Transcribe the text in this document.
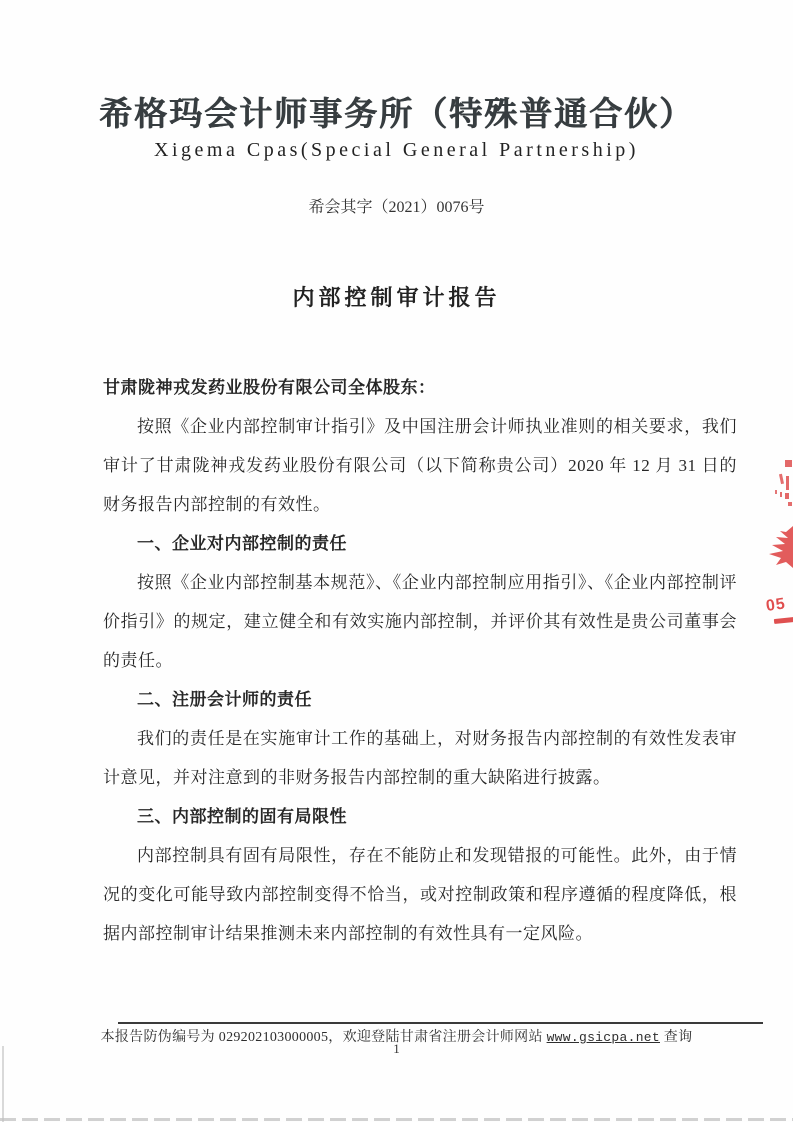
希格玛会计师事务所（特殊普通合伙）
Xigema Cpas(Special General Partnership)
希会其字（2021）0076号
内部控制审计报告

甘肃陇神戎发药业股份有限公司全体股东：

按照《企业内部控制审计指引》及中国注册会计师执业准则的相关要求，我们审计了甘肃陇神戎发药业股份有限公司（以下简称贵公司）2020 年 12 月 31 日的财务报告内部控制的有效性。

一、企业对内部控制的责任

按照《企业内部控制基本规范》、《企业内部控制应用指引》、《企业内部控制评价指引》的规定，建立健全和有效实施内部控制，并评价其有效性是贵公司董事会的责任。

二、注册会计师的责任

我们的责任是在实施审计工作的基础上，对财务报告内部控制的有效性发表审计意见，并对注意到的非财务报告内部控制的重大缺陷进行披露。

三、内部控制的固有局限性

内部控制具有固有局限性，存在不能防止和发现错报的可能性。此外，由于情况的变化可能导致内部控制变得不恰当，或对控制政策和程序遵循的程度降低，根据内部控制审计结果推测未来内部控制的有效性具有一定风险。

05
本报告防伪编号为 029202103000005，欢迎登陆甘肃省注册会计师网站 www.gsicpa.net 查询
1
